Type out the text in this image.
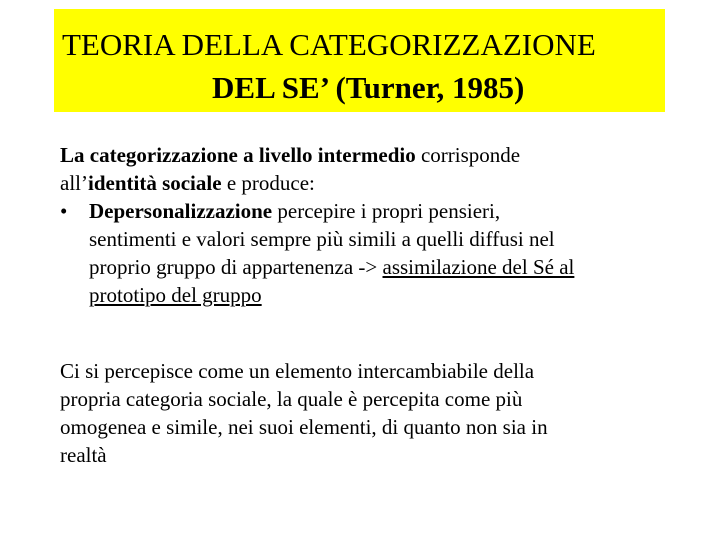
TEORIA DELLA CATEGORIZZAZIONE
DEL SE’ (Turner, 1985)
La categorizzazione a livello intermedio corrisponde
all’identità sociale e produce:
•	Depersonalizzazione percepire i propri pensieri,
sentimenti e valori sempre più simili a quelli diffusi nel
proprio gruppo di appartenenza -> assimilazione del Sé al
prototipo del gruppo
Ci si percepisce come un elemento intercambiabile della
propria categoria sociale, la quale è percepita come più
omogenea e simile, nei suoi elementi, di quanto non sia in
realtà
